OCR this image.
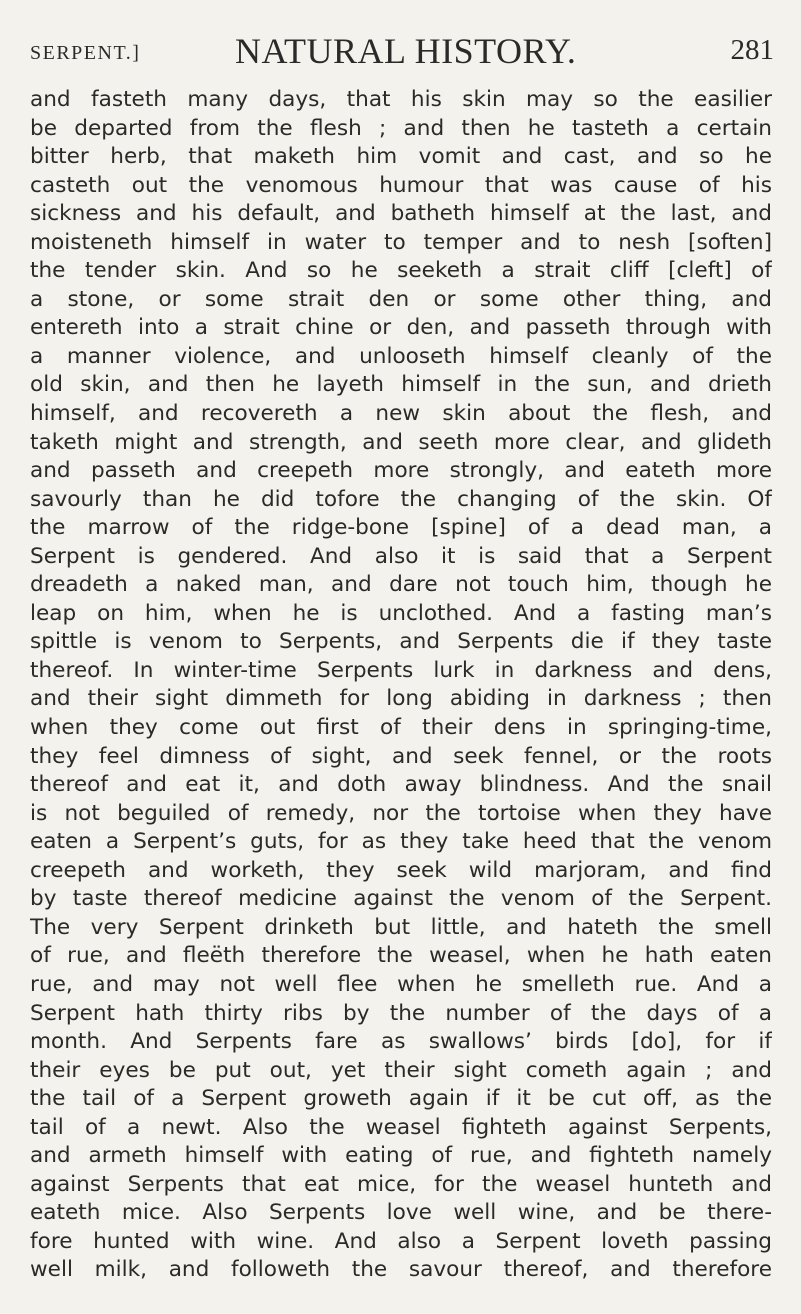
SERPENT.]	NATURAL HISTORY.	281
and fasteth many days, that his skin may so the easilier
be departed from the flesh ; and then he tasteth a certain
bitter herb, that maketh him vomit and cast, and so he
casteth out the venomous humour that was cause of his
sickness and his default, and batheth himself at the last, and
moisteneth himself in water to temper and to nesh [soften]
the tender skin. And so he seeketh a strait cliff [cleft] of
a stone, or some strait den or some other thing, and
entereth into a strait chine or den, and passeth through with
a manner violence, and unlooseth himself cleanly of the
old skin, and then he layeth himself in the sun, and drieth
himself, and recovereth a new skin about the flesh, and
taketh might and strength, and seeth more clear, and glideth
and passeth and creepeth more strongly, and eateth more
savourly than he did tofore the changing of the skin. Of
the marrow of the ridge-bone [spine] of a dead man, a
Serpent is gendered. And also it is said that a Serpent
dreadeth a naked man, and dare not touch him, though he
leap on him, when he is unclothed. And a fasting man’s
spittle is venom to Serpents, and Serpents die if they taste
thereof. In winter-time Serpents lurk in darkness and dens,
and their sight dimmeth for long abiding in darkness ; then
when they come out first of their dens in springing-time,
they feel dimness of sight, and seek fennel, or the roots
thereof and eat it, and doth away blindness. And the snail
is not beguiled of remedy, nor the tortoise when they have
eaten a Serpent’s guts, for as they take heed that the venom
creepeth and worketh, they seek wild marjoram, and find
by taste thereof medicine against the venom of the Serpent.
The very Serpent drinketh but little, and hateth the smell
of rue, and fleëth therefore the weasel, when he hath eaten
rue, and may not well flee when he smelleth rue. And a
Serpent hath thirty ribs by the number of the days of a
month. And Serpents fare as swallows’ birds [do], for if
their eyes be put out, yet their sight cometh again ; and
the tail of a Serpent groweth again if it be cut off, as the
tail of a newt. Also the weasel fighteth against Serpents,
and armeth himself with eating of rue, and fighteth namely
against Serpents that eat mice, for the weasel hunteth and
eateth mice. Also Serpents love well wine, and be there-
fore hunted with wine. And also a Serpent loveth passing
well milk, and followeth the savour thereof, and therefore
